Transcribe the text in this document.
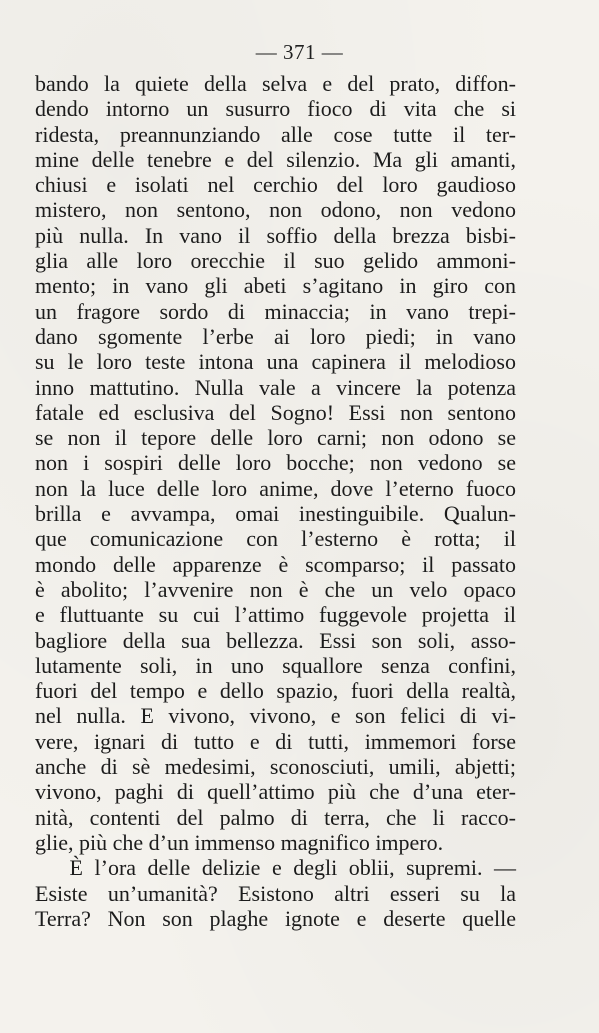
— 371 —
bando la quiete della selva e del prato, diffon-
dendo intorno un susurro fioco di vita che si
ridesta, preannunziando alle cose tutte il ter-
mine delle tenebre e del silenzio. Ma gli amanti,
chiusi e isolati nel cerchio del loro gaudioso
mistero, non sentono, non odono, non vedono
più nulla. In vano il soffio della brezza bisbi-
glia alle loro orecchie il suo gelido ammoni-
mento; in vano gli abeti s’agitano in giro con
un fragore sordo di minaccia; in vano trepi-
dano sgomente l’erbe ai loro piedi; in vano
su le loro teste intona una capinera il melodioso
inno mattutino. Nulla vale a vincere la potenza
fatale ed esclusiva del Sogno! Essi non sentono
se non il tepore delle loro carni; non odono se
non i sospiri delle loro bocche; non vedono se
non la luce delle loro anime, dove l’eterno fuoco
brilla e avvampa, omai inestinguibile. Qualun-
que comunicazione con l’esterno è rotta; il
mondo delle apparenze è scomparso; il passato
è abolito; l’avvenire non è che un velo opaco
e fluttuante su cui l’attimo fuggevole projetta il
bagliore della sua bellezza. Essi son soli, asso-
lutamente soli, in uno squallore senza confini,
fuori del tempo e dello spazio, fuori della realtà,
nel nulla. E vivono, vivono, e son felici di vi-
vere, ignari di tutto e di tutti, immemori forse
anche di sè medesimi, sconosciuti, umili, abjetti;
vivono, paghi di quell’attimo più che d’una eter-
nità, contenti del palmo di terra, che li racco-
glie, più che d’un immenso magnifico impero.
È l’ora delle delizie e degli oblii, supremi. —
Esiste un’umanità? Esistono altri esseri su la
Terra? Non son plaghe ignote e deserte quelle
